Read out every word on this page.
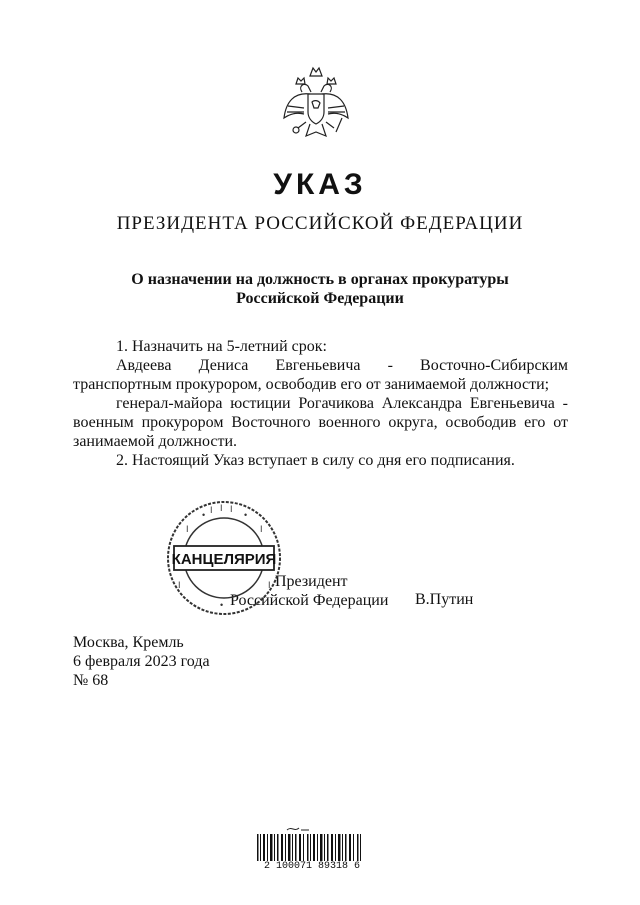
УКАЗ
ПРЕЗИДЕНТА РОССИЙСКОЙ ФЕДЕРАЦИИ
О назначении на должность в органах прокуратуры
Российской Федерации

1. Назначить на 5-летний срок:

Авдеева Дениса Евгеньевича - Восточно-Сибирским транспортным прокурором, освободив его от занимаемой должности;

генерал-майора юстиции Рогачикова Александра Евгеньевича - военным прокурором Восточного военного округа, освободив его от занимаемой должности.

2. Настоящий Указ вступает в силу со дня его подписания.

Президент
Российской Федерации В.Путин
КАНЦЕЛЯРИЯ
•	•
I I I
I	I
I	I
•
Москва, Кремль
6 февраля 2023 года
№ 68
2 100071 89318 6
